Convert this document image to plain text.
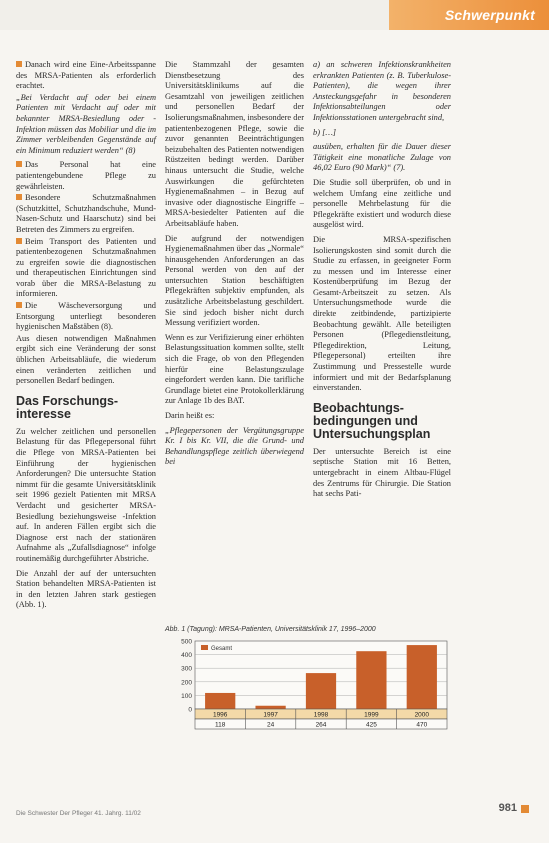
Schwerpunkt
Danach wird eine Eine-Arbeitsspanne des MRSA-Patienten als erforderlich erachtet.
„Bei Verdacht auf oder bei einem Patienten mit Verdacht auf oder mit bekannter MRSA-Besiedlung oder -Infektion müssen das Mobiliar und die im Zimmer verbleibenden Gegenstände auf ein Minimum reduziert werden“ (8)
Das Personal hat eine patientengebundene Pflege zu gewährleisten.
Besondere Schutzmaßnahmen (Schutzkittel, Schutzhandschuhe, Mund-Nasen-Schutz und Haarschutz) sind bei Betreten des Zimmers zu ergreifen.
Beim Transport des Patienten und patientenbezogenen Schutzmaßnahmen zu ergreifen sowie die diagnostischen und therapeutischen Einrichtungen sind vorab über die MRSA-Belastung zu informieren.
Die Wäscheversorgung und Entsorgung unterliegt besonderen hygienischen Maßstäben (8).
Aus diesen notwendigen Maßnahmen ergibt sich eine Veränderung der sonst üblichen Arbeitsabläufe, die wiederum einen veränderten zeitlichen und personellen Bedarf bedingen.
Das Forschungs-interesse
Zu welcher zeitlichen und personellen Belastung für das Pflegepersonal führt die Pflege von MRSA-Patienten bei Einführung der hygienischen Anforderungen? Die untersuchte Station nimmt für die gesamte Universitätsklinik seit 1996 gezielt Patienten mit MRSA Verdacht und gesicherter MRSA-Besiedlung beziehungsweise -Infektion auf. In anderen Fällen ergibt sich die Diagnose erst nach der stationären Aufnahme als „Zufallsdiagnose“ infolge routinemäßig durchgeführter Abstriche.
Die Anzahl der auf der untersuchten Station behandelten MRSA-Patienten ist in den letzten Jahren stark gestiegen (Abb. 1).
Die Stammzahl der gesamten Dienstbesetzung des Universitätsklinikums auf die Gesamtzahl von jeweiligen zeitlichen und personellen Bedarf der Isolierungsmaßnahmen, insbesondere der patientenbezogenen Pflege, sowie die zuvor genannten Beeinträchtigungen beizubehalten des Patienten notwendigen Rüstzeiten bedingt werden. Darüber hinaus untersucht die Studie, welche Auswirkungen die gefürchteten Hygienemaßnahmen – in Bezug auf invasive oder diagnostische Eingriffe – MRSA-besiedelter Patienten auf die Arbeitsabläufe haben.
Die aufgrund der notwendigen Hygienemaßnahmen über das „Normale“ hinausgehenden Anforderungen an das Personal werden von den auf der untersuchten Station beschäftigten Pflegekräften subjektiv empfunden, als zusätzliche Arbeitsbelastung geschildert. Sie sind jedoch bisher nicht durch Messung verifiziert worden.
Wenn es zur Verifizierung einer erhöhten Belastungssituation kommen sollte, stellt sich die Frage, ob von den Pflegenden hierfür eine Belastungszulage eingefordert werden kann. Die tarifliche Grundlage bietet eine Protokollerklärung zur Anlage 1b des BAT.
Darin heißt es:
„Pflegepersonen der Vergütungsgruppe Kr. I bis Kr. VII, die die Grund- und Behandlungspflege zeitlich überwiegend bei
a) an schweren Infektionskrankheiten erkrankten Patienten (z. B. Tuberkulose-Patienten), die wegen ihrer Ansteckungsgefahr in besonderen Infektionsabteilungen oder Infektionsstationen untergebracht sind,
b) […]
ausüben, erhalten für die Dauer dieser Tätigkeit eine monatliche Zulage von 46,02 Euro (90 Mark)“ (7).
Die Studie soll überprüfen, ob und in welchem Umfang eine zeitliche und personelle Mehrbelastung für die Pflegekräfte existiert und wodurch diese ausgelöst wird.
Die MRSA-spezifischen Isolierungskosten sind somit durch die Studie zu erfassen, in geeigneter Form zu messen und im Interesse einer Kostenüberprüfung im Bezug der Gesamt-Arbeitszeit zu setzen. Als Untersuchungsmethode wurde die direkte zeitbindende, partizipierte Beobachtung gewählt. Alle beteiligten Personen (Pflegedienstleitung, Pflegedirektion, Leitung, Pflegepersonal) erteilten ihre Zustimmung und Pressestelle wurde informiert und mit der Bedarfsplanung einverstanden.
Beobachtungs-bedingungen und Untersuchungsplan
Der untersuchte Bereich ist eine septische Station mit 16 Betten, untergebracht in einem Altbau-Flügel des Zentrums für Chirurgie. Die Station hat sechs Pati-
Abb. 1 (Tagung): MRSA-Patienten, Universitätsklinik 17, 1996–2000
0
100
200
300
400
500
Gesamt
1996
118
1997
24
1998
264
1999
425
2000
470
Die Schwester Der Pfleger 41. Jahrg. 11/02	981
